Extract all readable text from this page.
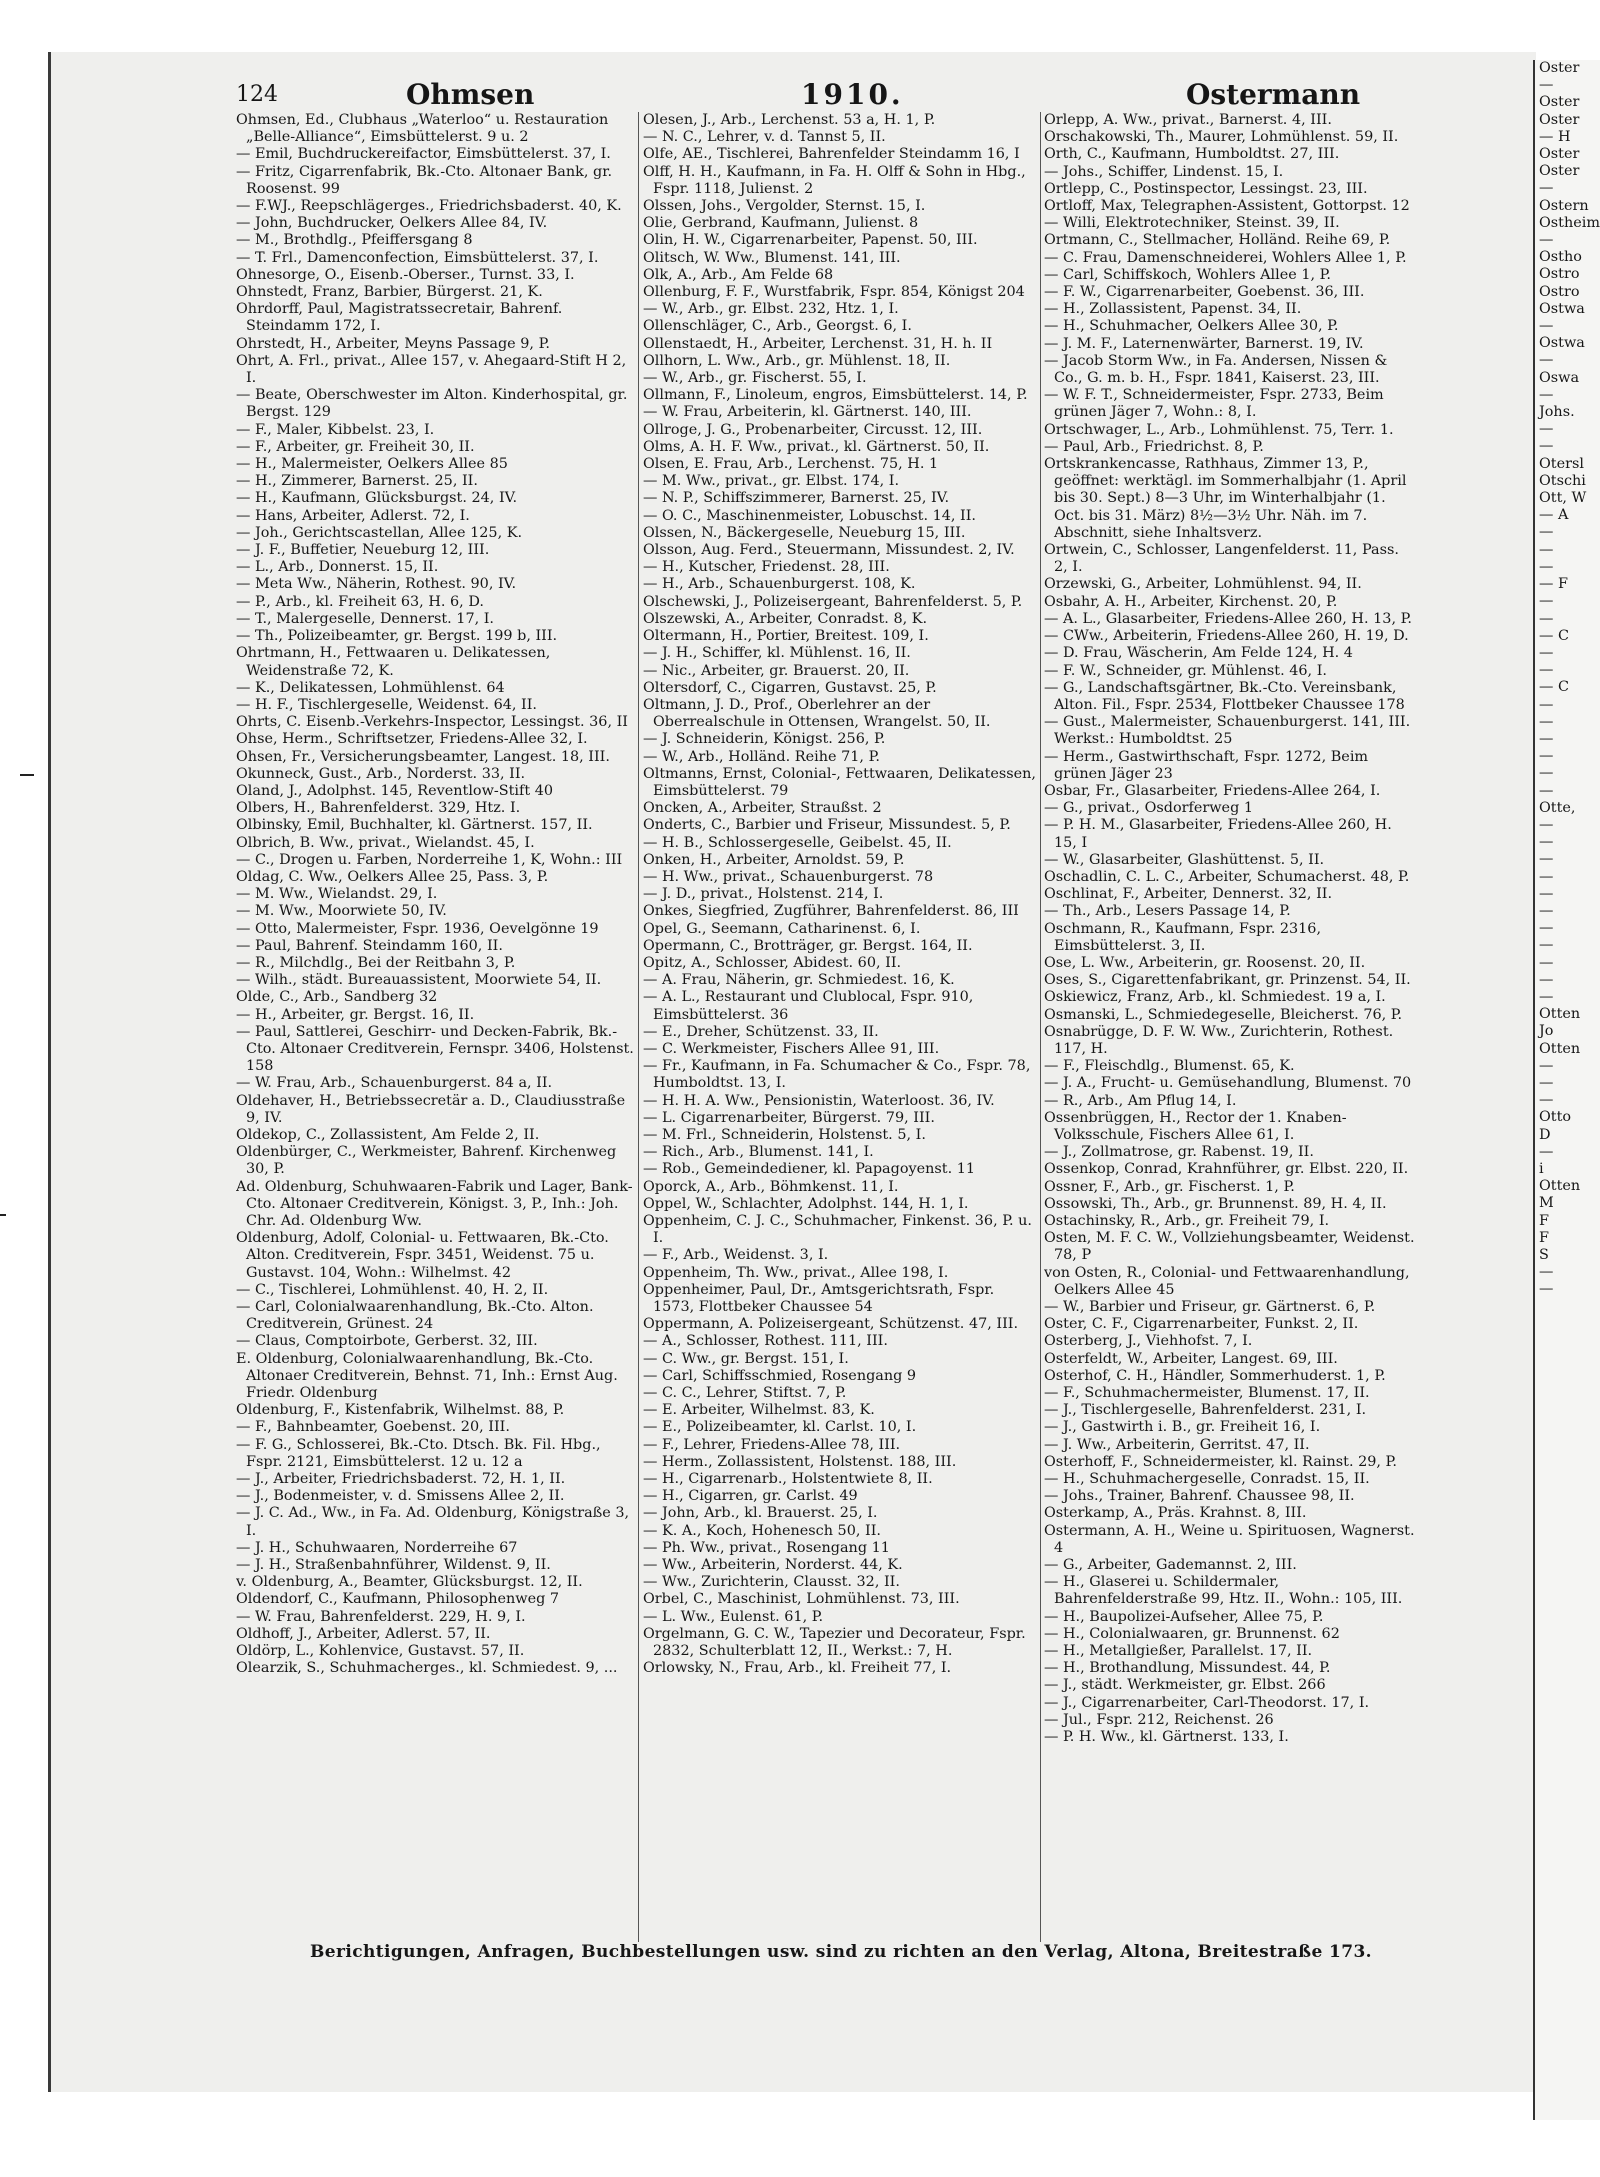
124	Ohmsen	1910.	Ostermann
Ohmsen, Ed., Clubhaus „Waterloo“ u. Restauration „Belle-Alliance“, Eimsbüttelerst. 9 u. 2
— Emil, Buchdruckereifactor, Eimsbüttelerst. 37, I.
— Fritz, Cigarrenfabrik, Bk.-Cto. Altonaer Bank, gr. Roosenst. 99
— F.WJ., Reepschlägerges., Friedrichsbaderst. 40, K.
— John, Buchdrucker, Oelkers Allee 84, IV.
— M., Brothdlg., Pfeiffersgang 8
— T. Frl., Damenconfection, Eimsbüttelerst. 37, I.
Ohnesorge, O., Eisenb.-Oberser., Turnst. 33, I.
Ohnstedt, Franz, Barbier, Bürgerst. 21, K.
Ohrdorff, Paul, Magistratssecretair, Bahrenf. Steindamm 172, I.
Ohrstedt, H., Arbeiter, Meyns Passage 9, P.
Ohrt, A. Frl., privat., Allee 157, v. Ahegaard-Stift H 2, I.
— Beate, Oberschwester im Alton. Kinderhospital, gr. Bergst. 129
— F., Maler, Kibbelst. 23, I.
— F., Arbeiter, gr. Freiheit 30, II.
— H., Malermeister, Oelkers Allee 85
— H., Zimmerer, Barnerst. 25, II.
— H., Kaufmann, Glücksburgst. 24, IV.
— Hans, Arbeiter, Adlerst. 72, I.
— Joh., Gerichtscastellan, Allee 125, K.
— J. F., Buffetier, Neueburg 12, III.
— L., Arb., Donnerst. 15, II.
— Meta Ww., Näherin, Rothest. 90, IV.
— P., Arb., kl. Freiheit 63, H. 6, D.
— T., Malergeselle, Dennerst. 17, I.
— Th., Polizeibeamter, gr. Bergst. 199 b, III.
Ohrtmann, H., Fettwaaren u. Delikatessen, Weidenstraße 72, K.
— K., Delikatessen, Lohmühlenst. 64
— H. F., Tischlergeselle, Weidenst. 64, II.
Ohrts, C. Eisenb.-Verkehrs-Inspector, Lessingst. 36, II
Ohse, Herm., Schriftsetzer, Friedens-Allee 32, I.
Ohsen, Fr., Versicherungsbeamter, Langest. 18, III.
Okunneck, Gust., Arb., Norderst. 33, II.
Oland, J., Adolphst. 145, Reventlow-Stift 40
Olbers, H., Bahrenfelderst. 329, Htz. I.
Olbinsky, Emil, Buchhalter, kl. Gärtnerst. 157, II.
Olbrich, B. Ww., privat., Wielandst. 45, I.
— C., Drogen u. Farben, Norderreihe 1, K, Wohn.: III
Oldag, C. Ww., Oelkers Allee 25, Pass. 3, P.
— M. Ww., Wielandst. 29, I.
— M. Ww., Moorwiete 50, IV.
— Otto, Malermeister, Fspr. 1936, Oevelgönne 19
— Paul, Bahrenf. Steindamm 160, II.
— R., Milchdlg., Bei der Reitbahn 3, P.
— Wilh., städt. Bureauassistent, Moorwiete 54, II.
Olde, C., Arb., Sandberg 32
— H., Arbeiter, gr. Bergst. 16, II.
— Paul, Sattlerei, Geschirr- und Decken-Fabrik, Bk.-Cto. Altonaer Creditverein, Fernspr. 3406, Holstenst. 158
— W. Frau, Arb., Schauenburgerst. 84 a, II.
Oldehaver, H., Betriebssecretär a. D., Claudiusstraße 9, IV.
Oldekop, C., Zollassistent, Am Felde 2, II.
Oldenbürger, C., Werkmeister, Bahrenf. Kirchenweg 30, P.
Ad. Oldenburg, Schuhwaaren-Fabrik und Lager, Bank-Cto. Altonaer Creditverein, Königst. 3, P., Inh.: Joh. Chr. Ad. Oldenburg Ww.
Oldenburg, Adolf, Colonial- u. Fettwaaren, Bk.-Cto. Alton. Creditverein, Fspr. 3451, Weidenst. 75 u. Gustavst. 104, Wohn.: Wilhelmst. 42
— C., Tischlerei, Lohmühlenst. 40, H. 2, II.
— Carl, Colonialwaarenhandlung, Bk.-Cto. Alton. Creditverein, Grünest. 24
— Claus, Comptoirbote, Gerberst. 32, III.
E. Oldenburg, Colonialwaarenhandlung, Bk.-Cto. Altonaer Creditverein, Behnst. 71, Inh.: Ernst Aug. Friedr. Oldenburg
Oldenburg, F., Kistenfabrik, Wilhelmst. 88, P.
— F., Bahnbeamter, Goebenst. 20, III.
— F. G., Schlosserei, Bk.-Cto. Dtsch. Bk. Fil. Hbg., Fspr. 2121, Eimsbüttelerst. 12 u. 12 a
— J., Arbeiter, Friedrichsbaderst. 72, H. 1, II.
— J., Bodenmeister, v. d. Smissens Allee 2, II.
— J. C. Ad., Ww., in Fa. Ad. Oldenburg, Königstraße 3, I.
— J. H., Schuhwaaren, Norderreihe 67
— J. H., Straßenbahnführer, Wildenst. 9, II.
v. Oldenburg, A., Beamter, Glücksburgst. 12, II.
Oldendorf, C., Kaufmann, Philosophenweg 7
— W. Frau, Bahrenfelderst. 229, H. 9, I.
Oldhoff, J., Arbeiter, Adlerst. 57, II.
Oldörp, L., Kohlenvice, Gustavst. 57, II.
Olearzik, S., Schuhmacherges., kl. Schmiedest. 9, ...
Olesen, J., Arb., Lerchenst. 53 a, H. 1, P.
— N. C., Lehrer, v. d. Tannst 5, II.
Olfe, AE., Tischlerei, Bahrenfelder Steindamm 16, I
Olff, H. H., Kaufmann, in Fa. H. Olff & Sohn in Hbg., Fspr. 1118, Julienst. 2
Olssen, Johs., Vergolder, Sternst. 15, I.
Olie, Gerbrand, Kaufmann, Julienst. 8
Olin, H. W., Cigarrenarbeiter, Papenst. 50, III.
Olitsch, W. Ww., Blumenst. 141, III.
Olk, A., Arb., Am Felde 68
Ollenburg, F. F., Wurstfabrik, Fspr. 854, Königst 204
— W., Arb., gr. Elbst. 232, Htz. 1, I.
Ollenschläger, C., Arb., Georgst. 6, I.
Ollenstaedt, H., Arbeiter, Lerchenst. 31, H. h. II
Ollhorn, L. Ww., Arb., gr. Mühlenst. 18, II.
— W., Arb., gr. Fischerst. 55, I.
Ollmann, F., Linoleum, engros, Eimsbüttelerst. 14, P.
— W. Frau, Arbeiterin, kl. Gärtnerst. 140, III.
Ollroge, J. G., Probenarbeiter, Circusst. 12, III.
Olms, A. H. F. Ww., privat., kl. Gärtnerst. 50, II.
Olsen, E. Frau, Arb., Lerchenst. 75, H. 1
— M. Ww., privat., gr. Elbst. 174, I.
— N. P., Schiffszimmerer, Barnerst. 25, IV.
— O. C., Maschinenmeister, Lobuschst. 14, II.
Olssen, N., Bäckergeselle, Neueburg 15, III.
Olsson, Aug. Ferd., Steuermann, Missundest. 2, IV.
— H., Kutscher, Friedenst. 28, III.
— H., Arb., Schauenburgerst. 108, K.
Olschewski, J., Polizeisergeant, Bahrenfelderst. 5, P.
Olszewski, A., Arbeiter, Conradst. 8, K.
Oltermann, H., Portier, Breitest. 109, I.
— J. H., Schiffer, kl. Mühlenst. 16, II.
— Nic., Arbeiter, gr. Brauerst. 20, II.
Oltersdorf, C., Cigarren, Gustavst. 25, P.
Oltmann, J. D., Prof., Oberlehrer an der Oberrealschule in Ottensen, Wrangelst. 50, II.
— J. Schneiderin, Königst. 256, P.
— W., Arb., Holländ. Reihe 71, P.
Oltmanns, Ernst, Colonial-, Fettwaaren, Delikatessen, Eimsbüttelerst. 79
Oncken, A., Arbeiter, Straußst. 2
Onderts, C., Barbier und Friseur, Missundest. 5, P.
— H. B., Schlossergeselle, Geibelst. 45, II.
Onken, H., Arbeiter, Arnoldst. 59, P.
— H. Ww., privat., Schauenburgerst. 78
— J. D., privat., Holstenst. 214, I.
Onkes, Siegfried, Zugführer, Bahrenfelderst. 86, III
Opel, G., Seemann, Catharinenst. 6, I.
Opermann, C., Brotträger, gr. Bergst. 164, II.
Opitz, A., Schlosser, Abidest. 60, II.
— A. Frau, Näherin, gr. Schmiedest. 16, K.
— A. L., Restaurant und Clublocal, Fspr. 910, Eimsbüttelerst. 36
— E., Dreher, Schützenst. 33, II.
— C. Werkmeister, Fischers Allee 91, III.
— Fr., Kaufmann, in Fa. Schumacher & Co., Fspr. 78, Humboldtst. 13, I.
— H. H. A. Ww., Pensionistin, Waterloost. 36, IV.
— L. Cigarrenarbeiter, Bürgerst. 79, III.
— M. Frl., Schneiderin, Holstenst. 5, I.
— Rich., Arb., Blumenst. 141, I.
— Rob., Gemeindediener, kl. Papagoyenst. 11
Oporck, A., Arb., Böhmkenst. 11, I.
Oppel, W., Schlachter, Adolphst. 144, H. 1, I.
Oppenheim, C. J. C., Schuhmacher, Finkenst. 36, P. u. I.
— F., Arb., Weidenst. 3, I.
Oppenheim, Th. Ww., privat., Allee 198, I.
Oppenheimer, Paul, Dr., Amtsgerichtsrath, Fspr. 1573, Flottbeker Chaussee 54
Oppermann, A. Polizeisergeant, Schützenst. 47, III.
— A., Schlosser, Rothest. 111, III.
— C. Ww., gr. Bergst. 151, I.
— Carl, Schiffsschmied, Rosengang 9
— C. C., Lehrer, Stiftst. 7, P.
— E. Arbeiter, Wilhelmst. 83, K.
— E., Polizeibeamter, kl. Carlst. 10, I.
— F., Lehrer, Friedens-Allee 78, III.
— Herm., Zollassistent, Holstenst. 188, III.
— H., Cigarrenarb., Holstentwiete 8, II.
— H., Cigarren, gr. Carlst. 49
— John, Arb., kl. Brauerst. 25, I.
— K. A., Koch, Hohenesch 50, II.
— Ph. Ww., privat., Rosengang 11
— Ww., Arbeiterin, Norderst. 44, K.
— Ww., Zurichterin, Clausst. 32, II.
Orbel, C., Maschinist, Lohmühlenst. 73, III.
— L. Ww., Eulenst. 61, P.
Orgelmann, G. C. W., Tapezier und Decorateur, Fspr. 2832, Schulterblatt 12, II., Werkst.: 7, H.
Orlowsky, N., Frau, Arb., kl. Freiheit 77, I.
Orlepp, A. Ww., privat., Barnerst. 4, III.
Orschakowski, Th., Maurer, Lohmühlenst. 59, II.
Orth, C., Kaufmann, Humboldtst. 27, III.
— Johs., Schiffer, Lindenst. 15, I.
Ortlepp, C., Postinspector, Lessingst. 23, III.
Ortloff, Max, Telegraphen-Assistent, Gottorpst. 12
— Willi, Elektrotechniker, Steinst. 39, II.
Ortmann, C., Stellmacher, Holländ. Reihe 69, P.
— C. Frau, Damenschneiderei, Wohlers Allee 1, P.
— Carl, Schiffskoch, Wohlers Allee 1, P.
— F. W., Cigarrenarbeiter, Goebenst. 36, III.
— H., Zollassistent, Papenst. 34, II.
— H., Schuhmacher, Oelkers Allee 30, P.
— J. M. F., Laternenwärter, Barnerst. 19, IV.
— Jacob Storm Ww., in Fa. Andersen, Nissen & Co., G. m. b. H., Fspr. 1841, Kaiserst. 23, III.
— W. F. T., Schneidermeister, Fspr. 2733, Beim grünen Jäger 7, Wohn.: 8, I.
Ortschwager, L., Arb., Lohmühlenst. 75, Terr. 1.
— Paul, Arb., Friedrichst. 8, P.
Ortskrankencasse, Rathhaus, Zimmer 13, P., geöffnet: werktägl. im Sommerhalbjahr (1. April bis 30. Sept.) 8—3 Uhr, im Winterhalbjahr (1. Oct. bis 31. März) 8½—3½ Uhr. Näh. im 7. Abschnitt, siehe Inhaltsverz.
Ortwein, C., Schlosser, Langenfelderst. 11, Pass. 2, I.
Orzewski, G., Arbeiter, Lohmühlenst. 94, II.
Osbahr, A. H., Arbeiter, Kirchenst. 20, P.
— A. L., Glasarbeiter, Friedens-Allee 260, H. 13, P.
— CWw., Arbeiterin, Friedens-Allee 260, H. 19, D.
— D. Frau, Wäscherin, Am Felde 124, H. 4
— F. W., Schneider, gr. Mühlenst. 46, I.
— G., Landschaftsgärtner, Bk.-Cto. Vereinsbank, Alton. Fil., Fspr. 2534, Flottbeker Chaussee 178
— Gust., Malermeister, Schauenburgerst. 141, III. Werkst.: Humboldtst. 25
— Herm., Gastwirthschaft, Fspr. 1272, Beim grünen Jäger 23
Osbar, Fr., Glasarbeiter, Friedens-Allee 264, I.
— G., privat., Osdorferweg 1
— P. H. M., Glasarbeiter, Friedens-Allee 260, H. 15, I
— W., Glasarbeiter, Glashüttenst. 5, II.
Oschadlin, C. L. C., Arbeiter, Schumacherst. 48, P.
Oschlinat, F., Arbeiter, Dennerst. 32, II.
— Th., Arb., Lesers Passage 14, P.
Oschmann, R., Kaufmann, Fspr. 2316, Eimsbüttelerst. 3, II.
Ose, L. Ww., Arbeiterin, gr. Roosenst. 20, II.
Oses, S., Cigarettenfabrikant, gr. Prinzenst. 54, II.
Oskiewicz, Franz, Arb., kl. Schmiedest. 19 a, I.
Osmanski, L., Schmiedegeselle, Bleicherst. 76, P.
Osnabrügge, D. F. W. Ww., Zurichterin, Rothest. 117, H.
— F., Fleischdlg., Blumenst. 65, K.
— J. A., Frucht- u. Gemüsehandlung, Blumenst. 70
— R., Arb., Am Pflug 14, I.
Ossenbrüggen, H., Rector der 1. Knaben-Volksschule, Fischers Allee 61, I.
— J., Zollmatrose, gr. Rabenst. 19, II.
Ossenkop, Conrad, Krahnführer, gr. Elbst. 220, II.
Ossner, F., Arb., gr. Fischerst. 1, P.
Ossowski, Th., Arb., gr. Brunnenst. 89, H. 4, II.
Ostachinsky, R., Arb., gr. Freiheit 79, I.
Osten, M. F. C. W., Vollziehungsbeamter, Weidenst. 78, P
von Osten, R., Colonial- und Fettwaarenhandlung, Oelkers Allee 45
— W., Barbier und Friseur, gr. Gärtnerst. 6, P.
Oster, C. F., Cigarrenarbeiter, Funkst. 2, II.
Osterberg, J., Viehhofst. 7, I.
Osterfeldt, W., Arbeiter, Langest. 69, III.
Osterhof, C. H., Händler, Sommerhuderst. 1, P.
— F., Schuhmachermeister, Blumenst. 17, II.
— J., Tischlergeselle, Bahrenfelderst. 231, I.
— J., Gastwirth i. B., gr. Freiheit 16, I.
— J. Ww., Arbeiterin, Gerritst. 47, II.
Osterhoff, F., Schneidermeister, kl. Rainst. 29, P.
— H., Schuhmachergeselle, Conradst. 15, II.
— Johs., Trainer, Bahrenf. Chaussee 98, II.
Osterkamp, A., Präs. Krahnst. 8, III.
Ostermann, A. H., Weine u. Spirituosen, Wagnerst. 4
— G., Arbeiter, Gademannst. 2, III.
— H., Glaserei u. Schildermaler, Bahrenfelderstraße 99, Htz. II., Wohn.: 105, III.
— H., Baupolizei-Aufseher, Allee 75, P.
— H., Colonialwaaren, gr. Brunnenst. 62
— H., Metallgießer, Parallelst. 17, II.
— H., Brothandlung, Missundest. 44, P.
— J., städt. Werkmeister, gr. Elbst. 266
— J., Cigarrenarbeiter, Carl-Theodorst. 17, I.
— Jul., Fspr. 212, Reichenst. 26
— P. H. Ww., kl. Gärtnerst. 133, I.
Berichtigungen, Anfragen, Buchbestellungen usw. sind zu richten an den Verlag, Altona, Breitestraße 173.
Oster
—
Oster
Oster
— H
Oster
Oster
—
Ostern
Ostheim
—
Ostho
Ostro
Ostro
Ostwa
—
Ostwa
—
Oswa
—
Johs.
—
—
Otersl
Otschi
Ott, W
— A
—
—
—
— F
—
—
— C
—
—
— C
—
—
—
—
—
—
Otte,
—
—
—
—
—
—
—
—
—
—
—
Otten
Jo
Otten
—
—
—
Otto
D
—
i
Otten
M
F
F
S
—
—
